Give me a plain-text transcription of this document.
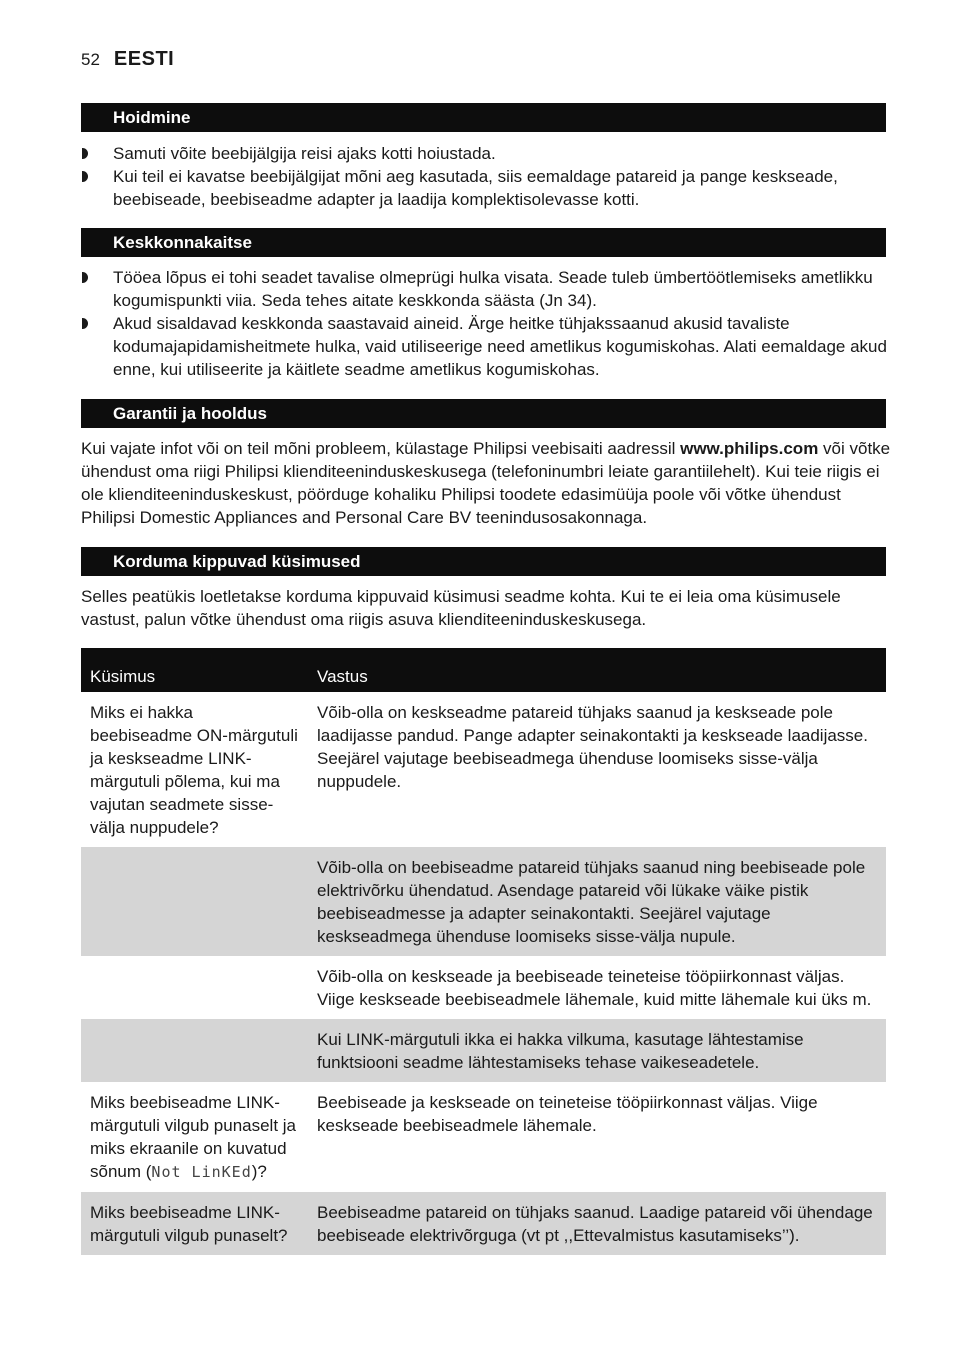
52 EESTI
Hoidmine
Samuti võite beebijälgija reisi ajaks kotti hoiustada.
Kui teil ei kavatse beebijälgijat mõni aeg kasutada, siis eemaldage patareid ja pange keskseade, beebiseade, beebiseadme adapter ja laadija komplektisolevasse kotti.
Keskkonnakaitse
Tööea lõpus ei tohi seadet tavalise olmeprügi hulka visata. Seade tuleb ümbertöötlemiseks ametlikku kogumispunkti viia. Seda tehes aitate keskkonda säästa (Jn 34).
Akud sisaldavad keskkonda saastavaid aineid. Ärge heitke tühjakssaanud akusid tavaliste kodumajapidamisheitmete hulka, vaid utiliseerige need ametlikus kogumiskohas. Alati eemaldage akud enne, kui utiliseerite ja käitlete seadme ametlikus kogumiskohas.
Garantii ja hooldus

Kui vajate infot või on teil mõni probleem, külastage Philipsi veebisaiti aadressil www.philips.com või võtke ühendust oma riigi Philipsi klienditeeninduskeskusega (telefoninumbri leiate garantiilehelt). Kui teie riigis ei ole klienditeeninduskeskust, pöörduge kohaliku Philipsi toodete edasimüüja poole või võtke ühendust Philipsi Domestic Appliances and Personal Care BV teenindusosakonnaga.

Korduma kippuvad küsimused

Selles peatükis loetletakse korduma kippuvaid küsimusi seadme kohta. Kui te ei leia oma küsimusele vastust, palun võtke ühendust oma riigis asuva klienditeeninduskeskusega.

Küsimus	Vastus
Miks ei hakka beebiseadme ON-märgutuli ja keskseadme LINK-märgutuli põlema, kui ma vajutan seadmete sisse-välja nuppudele?	Võib-olla on keskseadme patareid tühjaks saanud ja keskseade pole laadijasse pandud. Pange adapter seinakontakti ja keskseade laadijasse. Seejärel vajutage beebiseadmega ühenduse loomiseks sisse-välja nuppudele.
	Võib-olla on beebiseadme patareid tühjaks saanud ning beebiseade pole elektrivõrku ühendatud. Asendage patareid või lükake väike pistik beebiseadmesse ja adapter seinakontakti. Seejärel vajutage keskseadmega ühenduse loomiseks sisse-välja nupule.
	Võib-olla on keskseade ja beebiseade teineteise tööpiirkonnast väljas. Viige keskseade beebiseadmele lähemale, kuid mitte lähemale kui üks m.
	Kui LINK-märgutuli ikka ei hakka vilkuma, kasutage lähtestamise funktsiooni seadme lähtestamiseks tehase vaikeseadetele.
Miks beebiseadme LINK-märgutuli vilgub punaselt ja miks ekraanile on kuvatud sõnum (Not LinKEd)?	Beebiseade ja keskseade on teineteise tööpiirkonnast väljas. Viige keskseade beebiseadmele lähemale.
Miks beebiseadme LINK-märgutuli vilgub punaselt?	Beebiseadme patareid on tühjaks saanud. Laadige patareid või ühendage beebiseade elektrivõrguga (vt pt ,,Ettevalmistus kasutamiseks’’).
